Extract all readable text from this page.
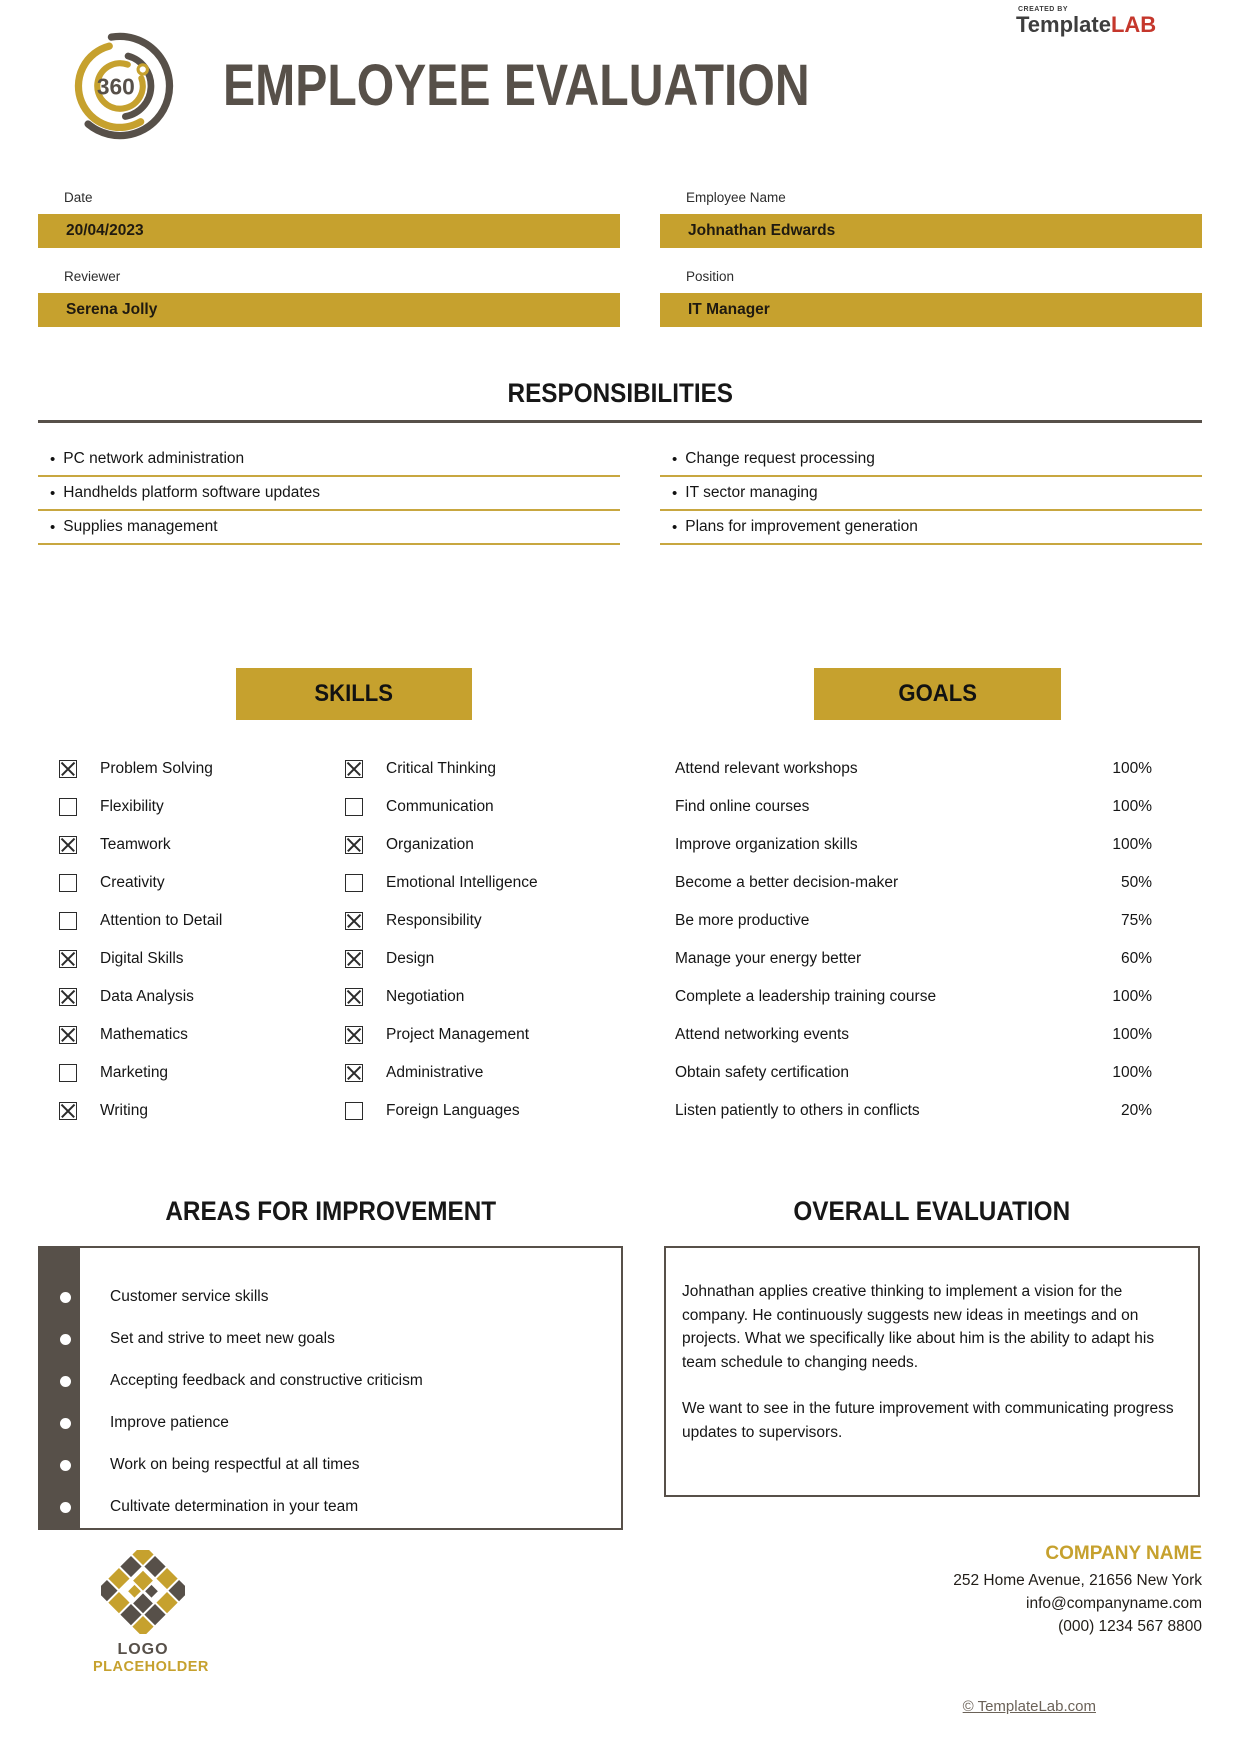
CREATED BY
TemplateLAB
360 EMPLOYEE EVALUATION
Date
20/04/2023
Employee Name
Johnathan Edwards
Reviewer
Serena Jolly
Position
IT Manager
RESPONSIBILITIES
• PC network administration
• Handhelds platform software updates
• Supplies management
• Change request processing
• IT sector managing
• Plans for improvement generation
SKILLS	GOALS
Problem Solving
Flexibility
Teamwork
Creativity
Attention to Detail
Digital Skills
Data Analysis
Mathematics
Marketing
Writing
Critical Thinking
Communication
Organization
Emotional Intelligence
Responsibility
Design
Negotiation
Project Management
Administrative
Foreign Languages
Attend relevant workshops	100%
Find online courses	100%
Improve organization skills	100%
Become a better decision-maker	50%
Be more productive	75%
Manage your energy better	60%
Complete a leadership training course	100%
Attend networking events	100%
Obtain safety certification	100%
Listen patiently to others in conflicts	20%
AREAS FOR IMPROVEMENT	OVERALL EVALUATION
Customer service skills
Set and strive to meet new goals
Accepting feedback and constructive criticism
Improve patience
Work on being respectful at all times
Cultivate determination in your team

Johnathan applies creative thinking to implement a vision for the company. He continuously suggests new ideas in meetings and on projects. What we specifically like about him is the ability to adapt his team schedule to changing needs.

We want to see in the future improvement with communicating progress updates to supervisors.

LOGO
PLACEHOLDER
COMPANY NAME
252 Home Avenue, 21656 New York
info@companyname.com
(000) 1234 567 8800
© TemplateLab.com
